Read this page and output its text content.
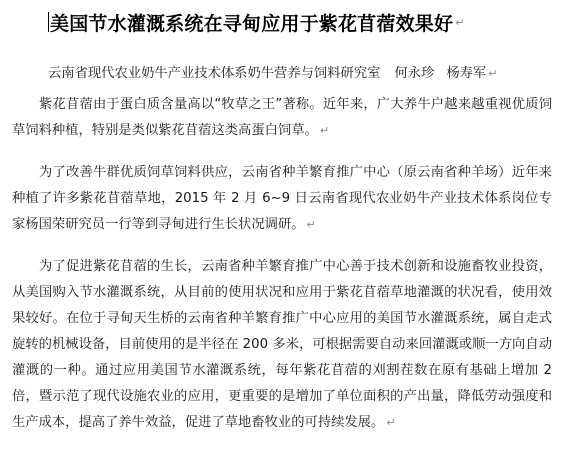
美国节水灌溉系统在寻甸应用于紫花苜蓿效果好 ↵
云南省现代农业奶牛产业技术体系奶牛营养与饲料研究室 何永珍 杨寿军 ↵
紫花苜蓿由于蛋白质含量高以“牧草之王”著称。近年来，广大养牛户越来越重视优质饲草饲料种植，特别是类似紫花苜蓿这类高蛋白饲草。 ↵
为了改善牛群优质饲草饲料供应，云南省种羊繁育推广中心（原云南省种羊场）近年来种植了许多紫花苜蓿草地，2015 年 2 月 6~9 日云南省现代农业奶牛产业技术体系岗位专家杨国荣研究员一行等到寻甸进行生长状况调研。 ↵
为了促进紫花苜蓿的生长，云南省种羊繁育推广中心善于技术创新和设施畜牧业投资，从美国购入节水灌溉系统，从目前的使用状况和应用于紫花苜蓿草地灌溉的状况看，使用效果较好。在位于寻甸天生桥的云南省种羊繁育推广中心应用的美国节水灌溉系统，属自走式旋转的机械设备，目前使用的是半径在 200 多米，可根据需要自动来回灌溉或顺一方向自动灌溉的一种。通过应用美国节水灌溉系统，每年紫花苜蓿的刈割茬数在原有基础上增加 2 倍，暨示范了现代设施农业的应用，更重要的是增加了单位面积的产出量，降低劳动强度和生产成本，提高了养牛效益，促进了草地畜牧业的可持续发展。 ↵
